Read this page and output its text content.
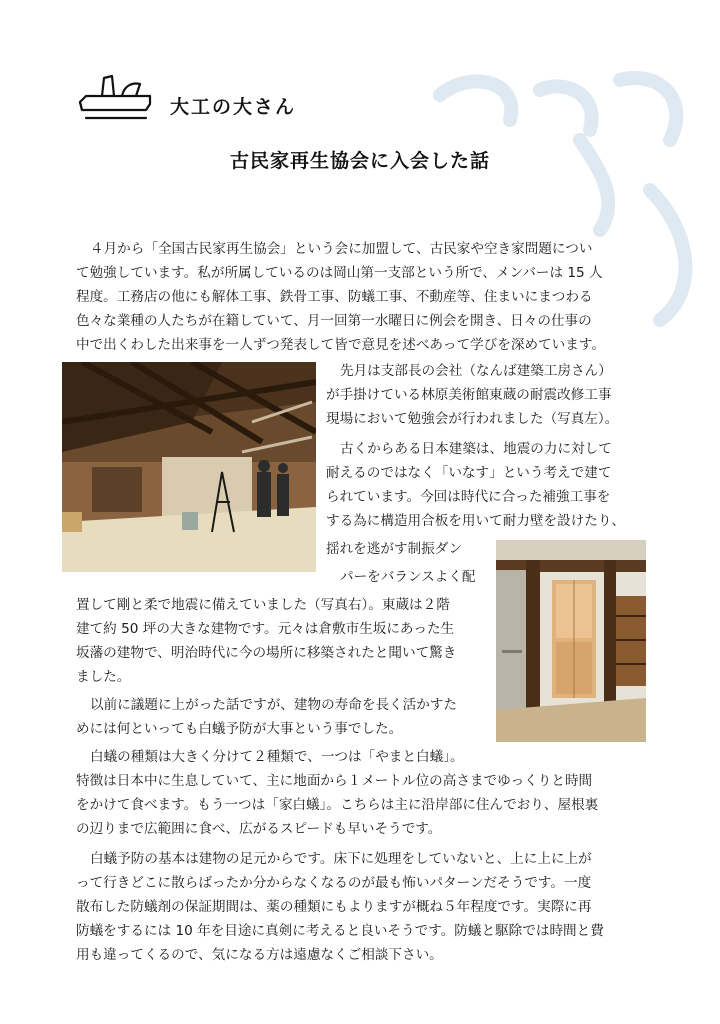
大工の大さん
古民家再生協会に入会した話
４月から「全国古民家再生協会」という会に加盟して、古民家や空き家問題につい
て勉強しています。私が所属しているのは岡山第一支部という所で、メンバーは 15 人
程度。工務店の他にも解体工事、鉄骨工事、防蟻工事、不動産等、住まいにまつわる
色々な業種の人たちが在籍していて、月一回第一水曜日に例会を開き、日々の仕事の
中で出くわした出来事を一人ずつ発表して皆で意見を述べあって学びを深めています。
先月は支部長の会社（なんば建築工房さん）
が手掛けている林原美術館東蔵の耐震改修工事
現場において勉強会が行われました（写真左）。
古くからある日本建築は、地震の力に対して
耐えるのではなく「いなす」という考えで建て
られています。今回は時代に合った補強工事を
する為に構造用合板を用いて耐力壁を設けたり、
揺れを逃がす制振ダン
パーをバランスよく配
置して剛と柔で地震に備えていました（写真右）。東蔵は２階
建て約 50 坪の大きな建物です。元々は倉敷市生坂にあった生
坂藩の建物で、明治時代に今の場所に移築されたと聞いて驚き
ました。
以前に議題に上がった話ですが、建物の寿命を長く活かすた
めには何といっても白蟻予防が大事という事でした。
白蟻の種類は大きく分けて２種類で、一つは「やまと白蟻」。
特徴は日本中に生息していて、主に地面から１メートル位の高さまでゆっくりと時間
をかけて食べます。もう一つは「家白蟻」。こちらは主に沿岸部に住んでおり、屋根裏
の辺りまで広範囲に食べ、広がるスピードも早いそうです。
白蟻予防の基本は建物の足元からです。床下に処理をしていないと、上に上に上が
って行きどこに散らばったか分からなくなるのが最も怖いパターンだそうです。一度
散布した防蟻剤の保証期間は、薬の種類にもよりますが概ね５年程度です。実際に再
防蟻をするには 10 年を目途に真剣に考えると良いそうです。防蟻と駆除では時間と費
用も違ってくるので、気になる方は遠慮なくご相談下さい。
